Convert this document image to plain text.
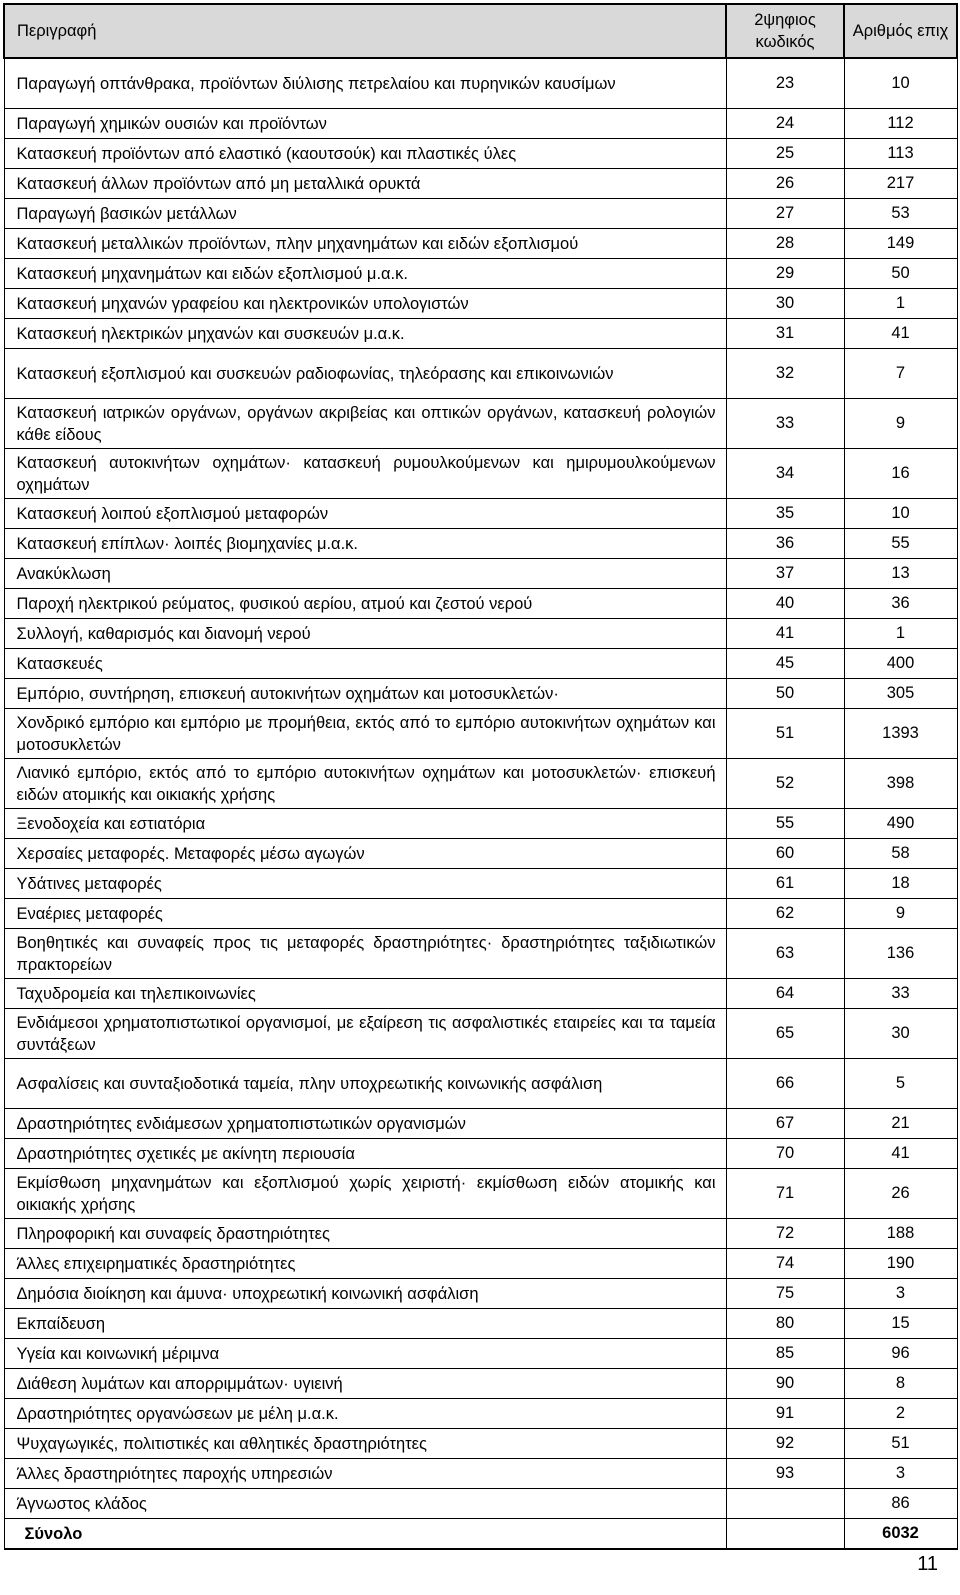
Περιγραφή	2ψηφιος κωδικός	Αριθμός επιχ
Παραγωγή οπτάνθρακα, προϊόντων διύλισης πετρελαίου και πυρηνικών καυσίμων	23	10
Παραγωγή χημικών ουσιών και προϊόντων	24	112
Κατασκευή προϊόντων από ελαστικό (καουτσούκ) και πλαστικές ύλες	25	113
Κατασκευή άλλων προϊόντων από μη μεταλλικά ορυκτά	26	217
Παραγωγή βασικών μετάλλων	27	53
Κατασκευή μεταλλικών προϊόντων, πλην μηχανημάτων και ειδών εξοπλισμού	28	149
Κατασκευή μηχανημάτων και ειδών εξοπλισμού μ.α.κ.	29	50
Κατασκευή μηχανών γραφείου και ηλεκτρονικών υπολογιστών	30	1
Κατασκευή ηλεκτρικών μηχανών και συσκευών μ.α.κ.	31	41
Κατασκευή εξοπλισμού και συσκευών ραδιοφωνίας, τηλεόρασης και επικοινωνιών	32	7
Κατασκευή ιατρικών οργάνων, οργάνων ακριβείας και οπτικών οργάνων, κατασκευή ρολογιών κάθε είδους	33	9
Κατασκευή αυτοκινήτων οχημάτων· κατασκευή ρυμουλκούμενων και ημιρυμουλκούμενων οχημάτων	34	16
Κατασκευή λοιπού εξοπλισμού μεταφορών	35	10
Κατασκευή επίπλων· λοιπές βιομηχανίες μ.α.κ.	36	55
Ανακύκλωση	37	13
Παροχή ηλεκτρικού ρεύματος, φυσικού αερίου, ατμού και ζεστού νερού	40	36
Συλλογή, καθαρισμός και διανομή νερού	41	1
Κατασκευές	45	400
Εμπόριο, συντήρηση, επισκευή αυτοκινήτων οχημάτων και μοτοσυκλετών·	50	305
Χονδρικό εμπόριο και εμπόριο με προμήθεια, εκτός από το εμπόριο αυτοκινήτων οχημάτων και μοτοσυκλετών	51	1393
Λιανικό εμπόριο, εκτός από το εμπόριο αυτοκινήτων οχημάτων και μοτοσυκλετών· επισκευή ειδών ατομικής και οικιακής χρήσης	52	398
Ξενοδοχεία και εστιατόρια	55	490
Χερσαίες μεταφορές. Μεταφορές μέσω αγωγών	60	58
Υδάτινες μεταφορές	61	18
Εναέριες μεταφορές	62	9
Βοηθητικές και συναφείς προς τις μεταφορές δραστηριότητες· δραστηριότητες ταξιδιωτικών πρακτορείων	63	136
Ταχυδρομεία και τηλεπικοινωνίες	64	33
Ενδιάμεσοι χρηματοπιστωτικοί οργανισμοί, με εξαίρεση τις ασφαλιστικές εταιρείες και τα ταμεία συντάξεων	65	30
Ασφαλίσεις και συνταξιοδοτικά ταμεία, πλην υποχρεωτικής κοινωνικής ασφάλιση	66	5
Δραστηριότητες ενδιάμεσων χρηματοπιστωτικών οργανισμών	67	21
Δραστηριότητες σχετικές με ακίνητη περιουσία	70	41
Εκμίσθωση μηχανημάτων και εξοπλισμού χωρίς χειριστή· εκμίσθωση ειδών ατομικής και οικιακής χρήσης	71	26
Πληροφορική και συναφείς δραστηριότητες	72	188
Άλλες επιχειρηματικές δραστηριότητες	74	190
Δημόσια διοίκηση και άμυνα· υποχρεωτική κοινωνική ασφάλιση	75	3
Εκπαίδευση	80	15
Υγεία και κοινωνική μέριμνα	85	96
Διάθεση λυμάτων και απορριμμάτων· υγιεινή	90	8
Δραστηριότητες οργανώσεων με μέλη μ.α.κ.	91	2
Ψυχαγωγικές, πολιτιστικές και αθλητικές δραστηριότητες	92	51
Άλλες δραστηριότητες παροχής υπηρεσιών	93	3
Άγνωστος κλάδος		86
Σύνολο		6032
11
